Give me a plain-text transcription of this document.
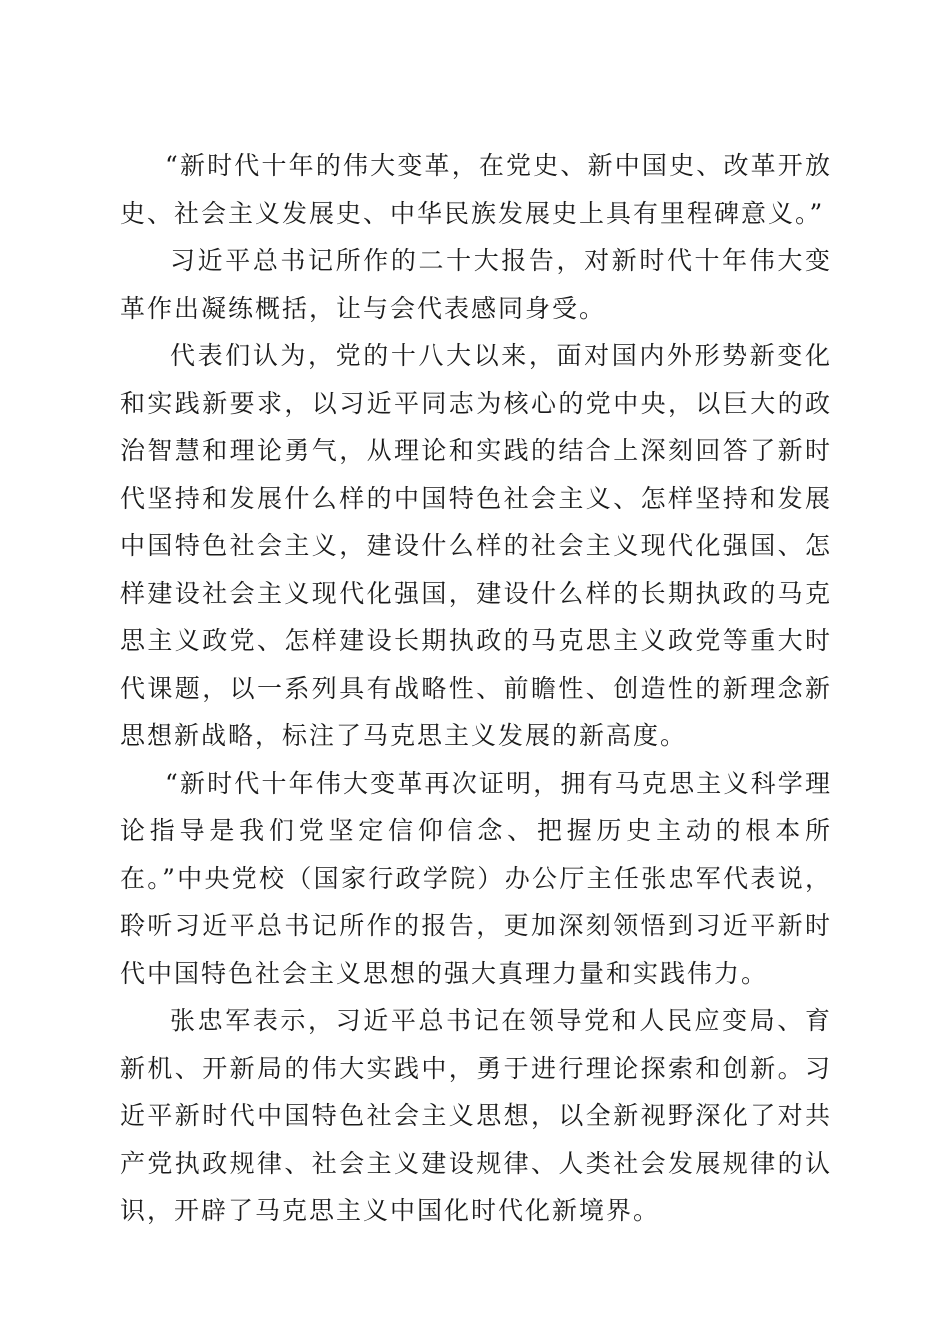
“新时代十年的伟大变革，在党史、新中国史、改革开放史、社会主义发展史、中华民族发展史上具有里程碑意义。”

习近平总书记所作的二十大报告，对新时代十年伟大变革作出凝练概括，让与会代表感同身受。

代表们认为，党的十八大以来，面对国内外形势新变化和实践新要求，以习近平同志为核心的党中央，以巨大的政治智慧和理论勇气，从理论和实践的结合上深刻回答了新时代坚持和发展什么样的中国特色社会主义、怎样坚持和发展中国特色社会主义，建设什么样的社会主义现代化强国、怎样建设社会主义现代化强国，建设什么样的长期执政的马克思主义政党、怎样建设长期执政的马克思主义政党等重大时代课题，以一系列具有战略性、前瞻性、创造性的新理念新思想新战略，标注了马克思主义发展的新高度。

“新时代十年伟大变革再次证明，拥有马克思主义科学理论指导是我们党坚定信仰信念、把握历史主动的根本所在。”中央党校（国家行政学院）办公厅主任张忠军代表说，聆听习近平总书记所作的报告，更加深刻领悟到习近平新时代中国特色社会主义思想的强大真理力量和实践伟力。

张忠军表示，习近平总书记在领导党和人民应变局、育新机、开新局的伟大实践中，勇于进行理论探索和创新。习近平新时代中国特色社会主义思想，以全新视野深化了对共产党执政规律、社会主义建设规律、人类社会发展规律的认识，开辟了马克思主义中国化时代化新境界。
